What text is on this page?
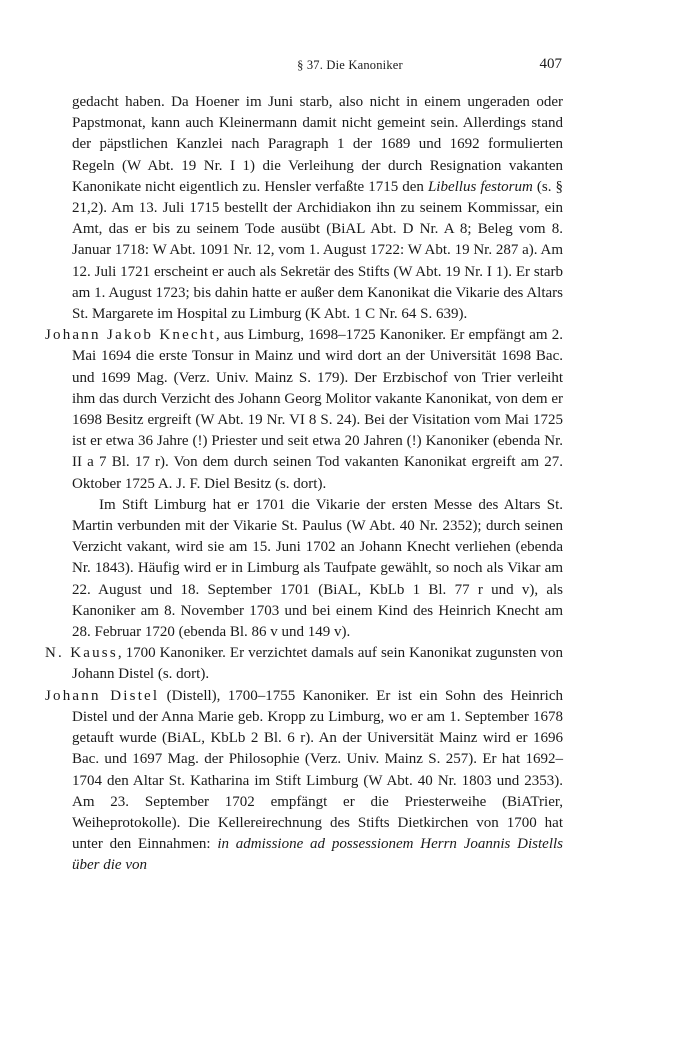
§ 37. Die Kanoniker	407

gedacht haben. Da Hoener im Juni starb, also nicht in einem ungeraden oder Papstmonat, kann auch Kleinermann damit nicht gemeint sein. Allerdings stand der päpstlichen Kanzlei nach Paragraph 1 der 1689 und 1692 formulierten Regeln (W Abt. 19 Nr. I 1) die Verleihung der durch Resignation vakanten Kanonikate nicht eigentlich zu. Hensler verfaßte 1715 den Libellus festorum (s. § 21,2). Am 13. Juli 1715 bestellt der Archidiakon ihn zu seinem Kommissar, ein Amt, das er bis zu seinem Tode ausübt (BiAL Abt. D Nr. A 8; Beleg vom 8. Januar 1718: W Abt. 1091 Nr. 12, vom 1. August 1722: W Abt. 19 Nr. 287 a). Am 12. Juli 1721 erscheint er auch als Sekretär des Stifts (W Abt. 19 Nr. I 1). Er starb am 1. August 1723; bis dahin hatte er außer dem Kanonikat die Vikarie des Altars St. Margarete im Hospital zu Limburg (K Abt. 1 C Nr. 64 S. 639).

Johann Jakob Knecht, aus Limburg, 1698–1725 Kanoniker. Er empfängt am 2. Mai 1694 die erste Tonsur in Mainz und wird dort an der Universität 1698 Bac. und 1699 Mag. (Verz. Univ. Mainz S. 179). Der Erzbischof von Trier verleiht ihm das durch Verzicht des Johann Georg Molitor vakante Kanonikat, von dem er 1698 Besitz ergreift (W Abt. 19 Nr. VI 8 S. 24). Bei der Visitation vom Mai 1725 ist er etwa 36 Jahre (!) Priester und seit etwa 20 Jahren (!) Kanoniker (ebenda Nr. II a 7 Bl. 17 r). Von dem durch seinen Tod vakanten Kanonikat ergreift am 27. Oktober 1725 A. J. F. Diel Besitz (s. dort).

Im Stift Limburg hat er 1701 die Vikarie der ersten Messe des Altars St. Martin verbunden mit der Vikarie St. Paulus (W Abt. 40 Nr. 2352); durch seinen Verzicht vakant, wird sie am 15. Juni 1702 an Johann Knecht verliehen (ebenda Nr. 1843). Häufig wird er in Limburg als Taufpate gewählt, so noch als Vikar am 22. August und 18. September 1701 (BiAL, KbLb 1 Bl. 77 r und v), als Kanoniker am 8. November 1703 und bei einem Kind des Heinrich Knecht am 28. Februar 1720 (ebenda Bl. 86 v und 149 v).

N. Kauss, 1700 Kanoniker. Er verzichtet damals auf sein Kanonikat zugunsten von Johann Distel (s. dort).

Johann Distel (Distell), 1700–1755 Kanoniker. Er ist ein Sohn des Heinrich Distel und der Anna Marie geb. Kropp zu Limburg, wo er am 1. September 1678 getauft wurde (BiAL, KbLb 2 Bl. 6 r). An der Universität Mainz wird er 1696 Bac. und 1697 Mag. der Philosophie (Verz. Univ. Mainz S. 257). Er hat 1692–1704 den Altar St. Katharina im Stift Limburg (W Abt. 40 Nr. 1803 und 2353). Am 23. September 1702 empfängt er die Priesterweihe (BiATrier, Weiheprotokolle). Die Kellereirechnung des Stifts Dietkirchen von 1700 hat unter den Einnahmen: in admissione ad possessionem Herrn Joannis Distells über die von
